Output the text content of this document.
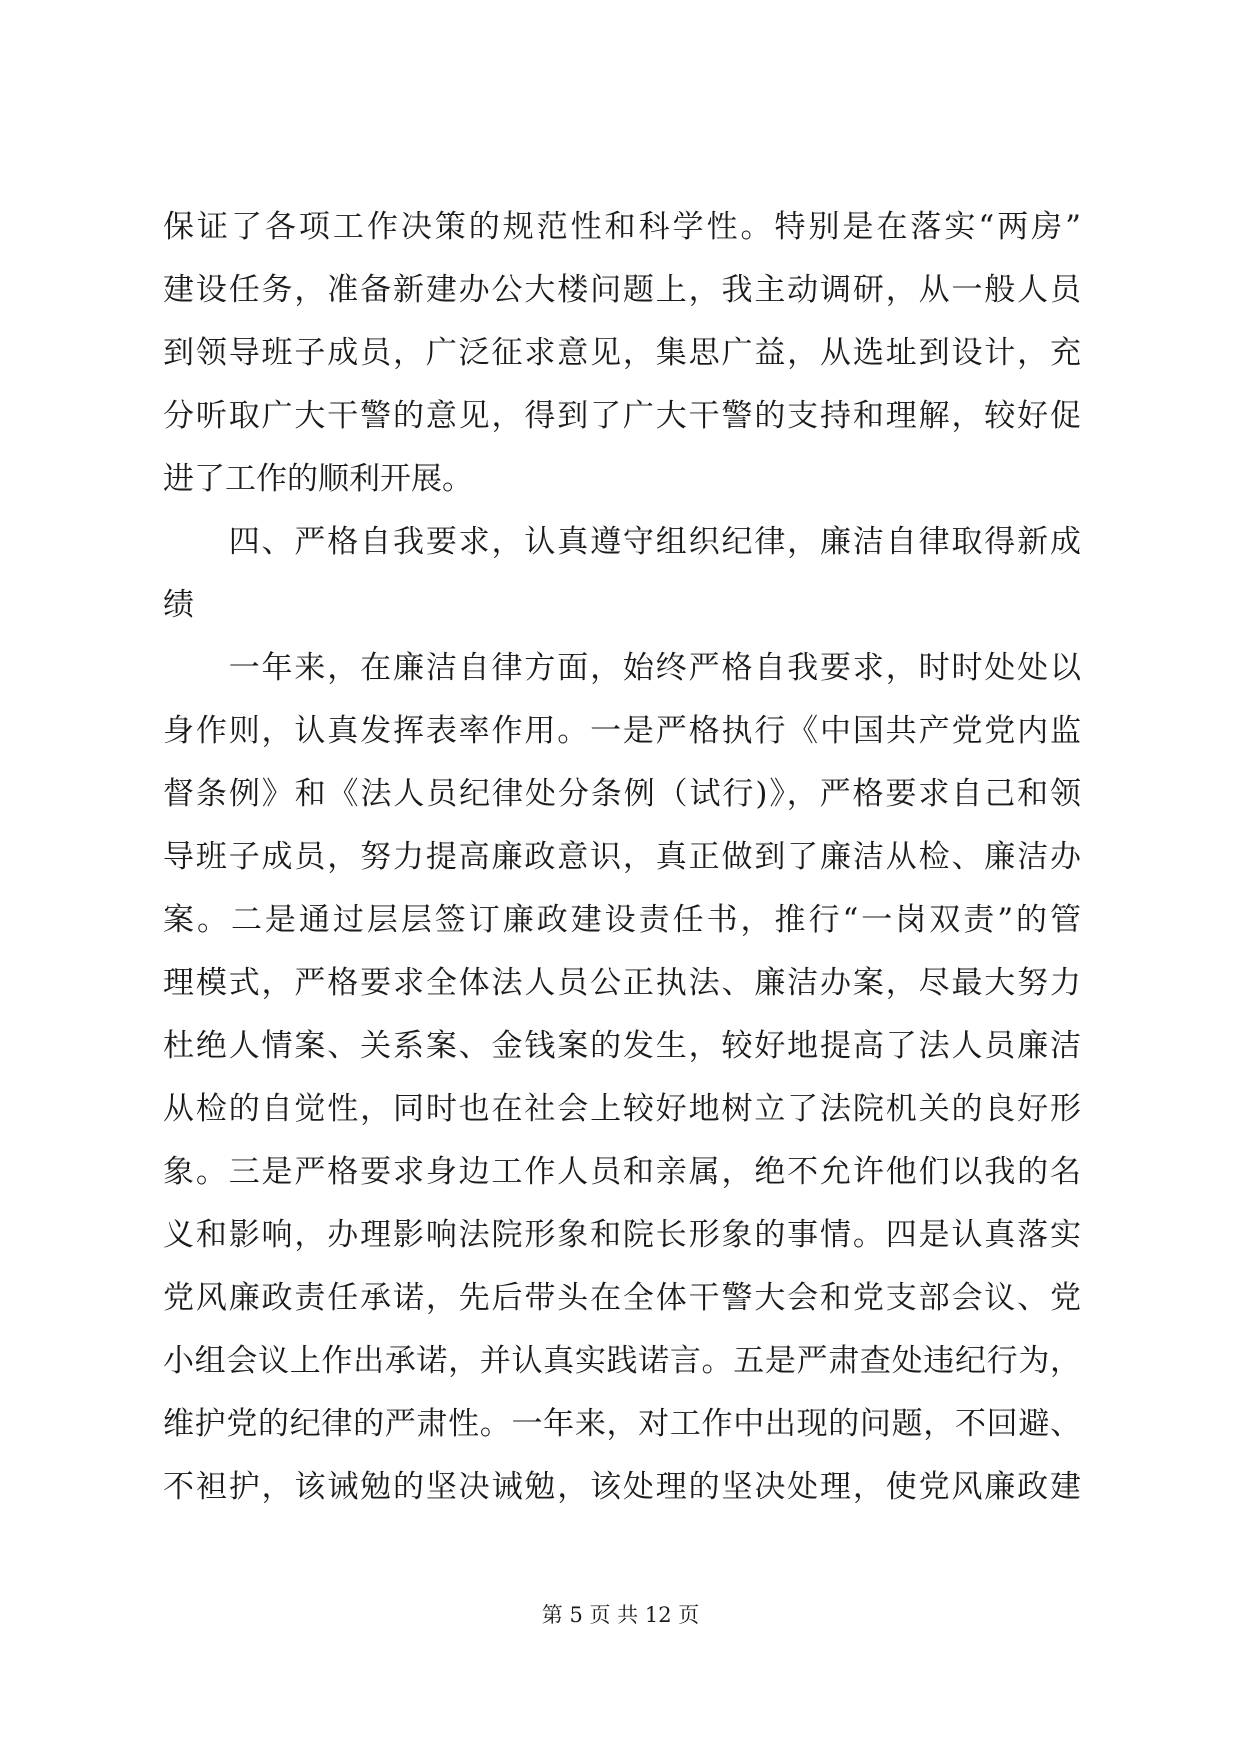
保证了各项工作决策的规范性和科学性。特别是在落实“两房”
建设任务，准备新建办公大楼问题上，我主动调研，从一般人员
到领导班子成员，广泛征求意见，集思广益，从选址到设计，充
分听取广大干警的意见，得到了广大干警的支持和理解，较好促
进了工作的顺利开展。
　　四、严格自我要求，认真遵守组织纪律，廉洁自律取得新成
绩
　　一年来，在廉洁自律方面，始终严格自我要求，时时处处以
身作则，认真发挥表率作用。一是严格执行《中国共产党党内监
督条例》和《法人员纪律处分条例（试行)》，严格要求自己和领
导班子成员，努力提高廉政意识，真正做到了廉洁从检、廉洁办
案。二是通过层层签订廉政建设责任书，推行“一岗双责”的管
理模式，严格要求全体法人员公正执法、廉洁办案，尽最大努力
杜绝人情案、关系案、金钱案的发生，较好地提高了法人员廉洁
从检的自觉性，同时也在社会上较好地树立了法院机关的良好形
象。三是严格要求身边工作人员和亲属，绝不允许他们以我的名
义和影响，办理影响法院形象和院长形象的事情。四是认真落实
党风廉政责任承诺，先后带头在全体干警大会和党支部会议、党
小组会议上作出承诺，并认真实践诺言。五是严肃查处违纪行为，
维护党的纪律的严肃性。一年来，对工作中出现的问题，不回避、
不袒护，该诫勉的坚决诫勉，该处理的坚决处理，使党风廉政建
第 5 页 共 12 页
